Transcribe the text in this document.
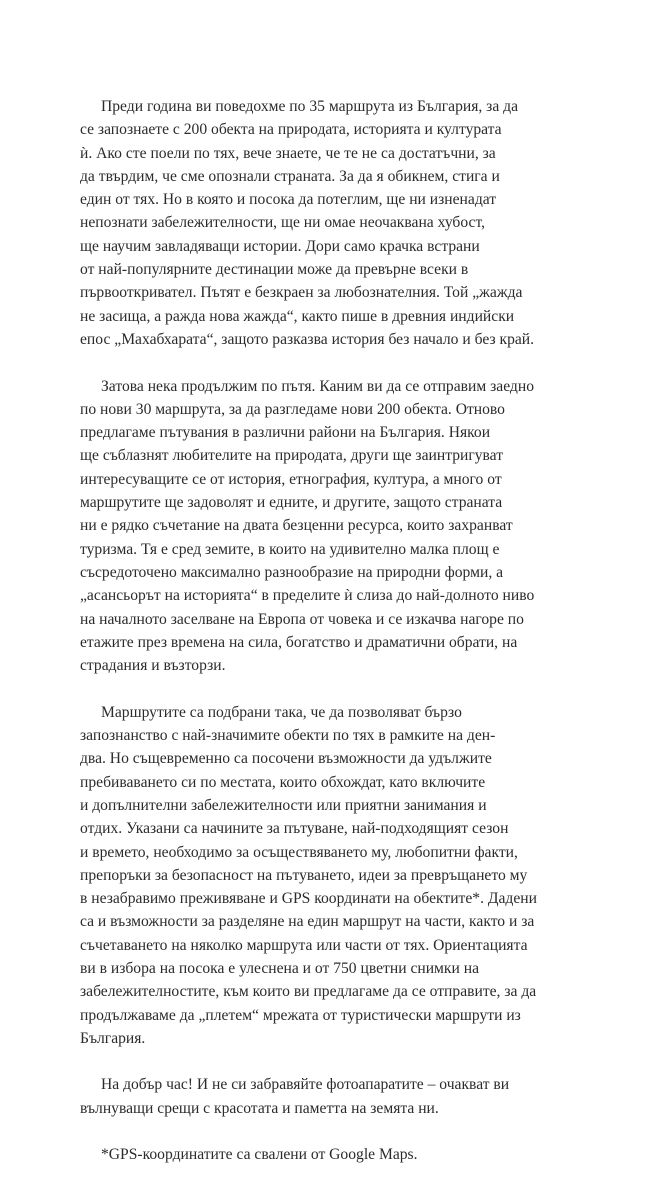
Преди година ви поведохме по 35 маршрута из България, за да
се запознаете с 200 обекта на природата, историята и културата
ѝ. Ако сте поели по тях, вече знаете, че те не са достатъчни, за
да твърдим, че сме опознали страната. За да я обикнем, стига и
един от тях. Но в която и посока да потеглим, ще ни изненадат
непознати забележителности, ще ни омае неочаквана хубост,
ще научим завладяващи истории. Дори само крачка встрани
от най-популярните дестинации може да превърне всеки в
първооткривател. Пътят е безкраен за любознателния. Той „жажда
не засища, а ражда нова жажда“, както пише в древния индийски
епос „Махабхарата“, защото разказва история без начало и без край.

Затова нека продължим по пътя. Каним ви да се отправим заедно
по нови 30 маршрута, за да разгледаме нови 200 обекта. Отново
предлагаме пътувания в различни райони на България. Някои
ще съблазнят любителите на природата, други ще заинтригуват
интересуващите се от история, етнография, култура, а много от
маршрутите ще задоволят и едните, и другите, защото страната
ни е рядко съчетание на двата безценни ресурса, които захранват
туризма. Тя е сред земите, в които на удивително малка площ е
съсредоточено максимално разнообразие на природни форми, а
„асансьорът на историята“ в пределите ѝ слиза до най-долното ниво
на началното заселване на Европа от човека и се изкачва нагоре по
етажите през времена на сила, богатство и драматични обрати, на
страдания и възторзи.

Маршрутите са подбрани така, че да позволяват бързо
запознанство с най-значимите обекти по тях в рамките на ден-
два. Но същевременно са посочени възможности да удължите
пребиваването си по местата, които обхождат, като включите
и допълнителни забележителности или приятни занимания и
отдих. Указани са начините за пътуване, най-подходящият сезон
и времето, необходимо за осъществяването му, любопитни факти,
препоръки за безопасност на пътуването, идеи за превръщането му
в незабравимо преживяване и GPS координати на обектите*. Дадени
са и възможности за разделяне на един маршрут на части, както и за
съчетаването на няколко маршрута или части от тях. Ориентацията
ви в избора на посока е улеснена и от 750 цветни снимки на
забележителностите, към които ви предлагаме да се отправите, за да
продължаваме да „плетем“ мрежата от туристически маршрути из
България.

На добър час! И не си забравяйте фотоапаратите – очакват ви
вълнуващи срещи с красотата и паметта на земята ни.

*GPS-координатите са свалени от Google Maps.
